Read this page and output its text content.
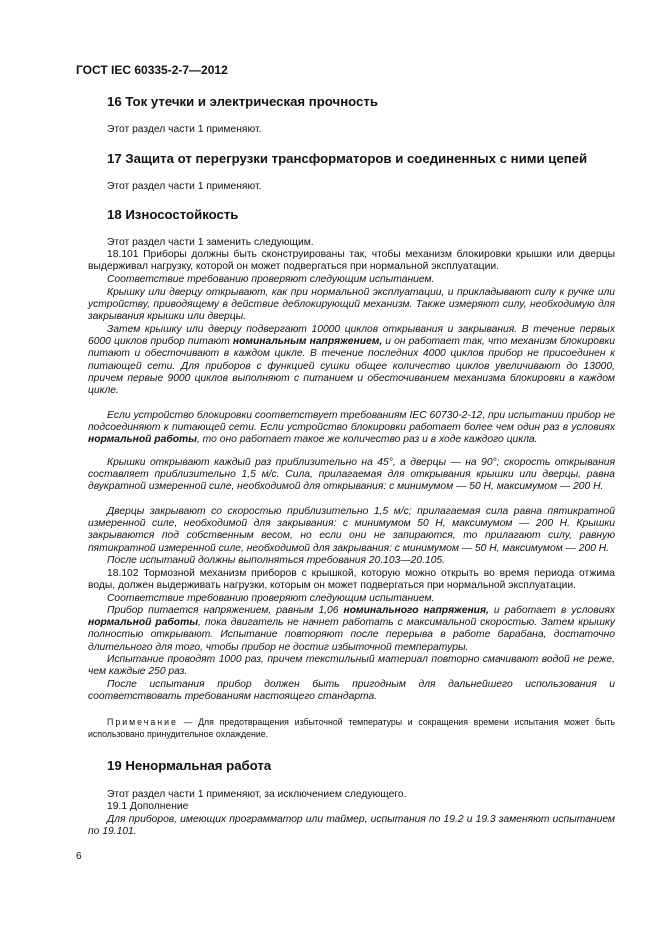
ГОСТ IEC 60335-2-7—2012
16 Ток утечки и электрическая прочность
Этот раздел части 1 применяют.
17 Защита от перегрузки трансформаторов и соединенных с ними цепей
Этот раздел части 1 применяют.
18 Износостойкость
Этот раздел части 1 заменить следующим.
18.101 Приборы должны быть сконструированы так, чтобы механизм блокировки крышки или дверцы выдерживал нагрузку, которой он может подвергаться при нормальной эксплуатации.
Соответствие требованию проверяют следующим испытанием.
Крышку или дверцу открывают, как при нормальной эксплуатации, и прикладывают силу к ручке или устройству, приводящему в действие деблокирующий механизм. Также измеряют силу, необходимую для закрывания крышки или дверцы.
Затем крышку или дверцу подвергают 10000 циклов открывания и закрывания. В течение первых 6000 циклов прибор питают номинальным напряжением, и он работает так, что механизм блокировки питают и обесточивают в каждом цикле. В течение последних 4000 циклов прибор не присоединен к питающей сети. Для приборов с функцией сушки общее количество циклов увеличивают до 13000, причем первые 9000 циклов выполняют с питанием и обесточиванием механизма блокировки в каждом цикле.
Если устройство блокировки соответствует требованиям IEC 60730-2-12, при испытании прибор не подсоединяют к питающей сети. Если устройство блокировки работает более чем один раз в условиях нормальной работы, то оно работает такое же количество раз и в ходе каждого цикла.
Крышки открывают каждый раз приблизительно на 45°, а дверцы — на 90°; скорость открывания составляет приблизительно 1,5 м/с. Сила, прилагаемая для открывания крышки или дверцы, равна двукратной измеренной силе, необходимой для открывания: с минимумом — 50 Н, максимумом — 200 Н.
Дверцы закрывают со скоростью приблизительно 1,5 м/с; прилагаемая сила равна пятикратной измеренной силе, необходимой для закрывания: с минимумом 50 Н, максимумом — 200 Н. Крышки закрываются под собственным весом, но если они не запираются, то прилагают силу, равную пятикратной измеренной силе, необходимой для закрывания: с минимумом — 50 Н, максимумом — 200 Н.
После испытаний должны выполняться требования 20.103—20.105.
18.102 Тормозной механизм приборов с крышкой, которую можно открыть во время периода отжима воды, должен выдерживать нагрузки, которым он может подвергаться при нормальной эксплуатации.
Соответствие требованию проверяют следующим испытанием.
Прибор питается напряжением, равным 1,06 номинального напряжения, и работает в условиях нормальной работы, пока двигатель не начнет работать с максимальной скоростью. Затем крышку полностью открывают. Испытание повторяют после перерыва в работе барабана, достаточно длительного для того, чтобы прибор не достиг избыточной температуры.
Испытание проводят 1000 раз, причем текстильный материал повторно смачивают водой не реже, чем каждые 250 раз.
После испытания прибор должен быть пригодным для дальнейшего использования и соответствовать требованиям настоящего стандарта.
Примечание — Для предотвращения избыточной температуры и сокращения времени испытания может быть использовано принудительное охлаждение.
19 Ненормальная работа
Этот раздел части 1 применяют, за исключением следующего.
19.1 Дополнение
Для приборов, имеющих программатор или таймер, испытания по 19.2 и 19.3 заменяют испытанием по 19.101.
6
